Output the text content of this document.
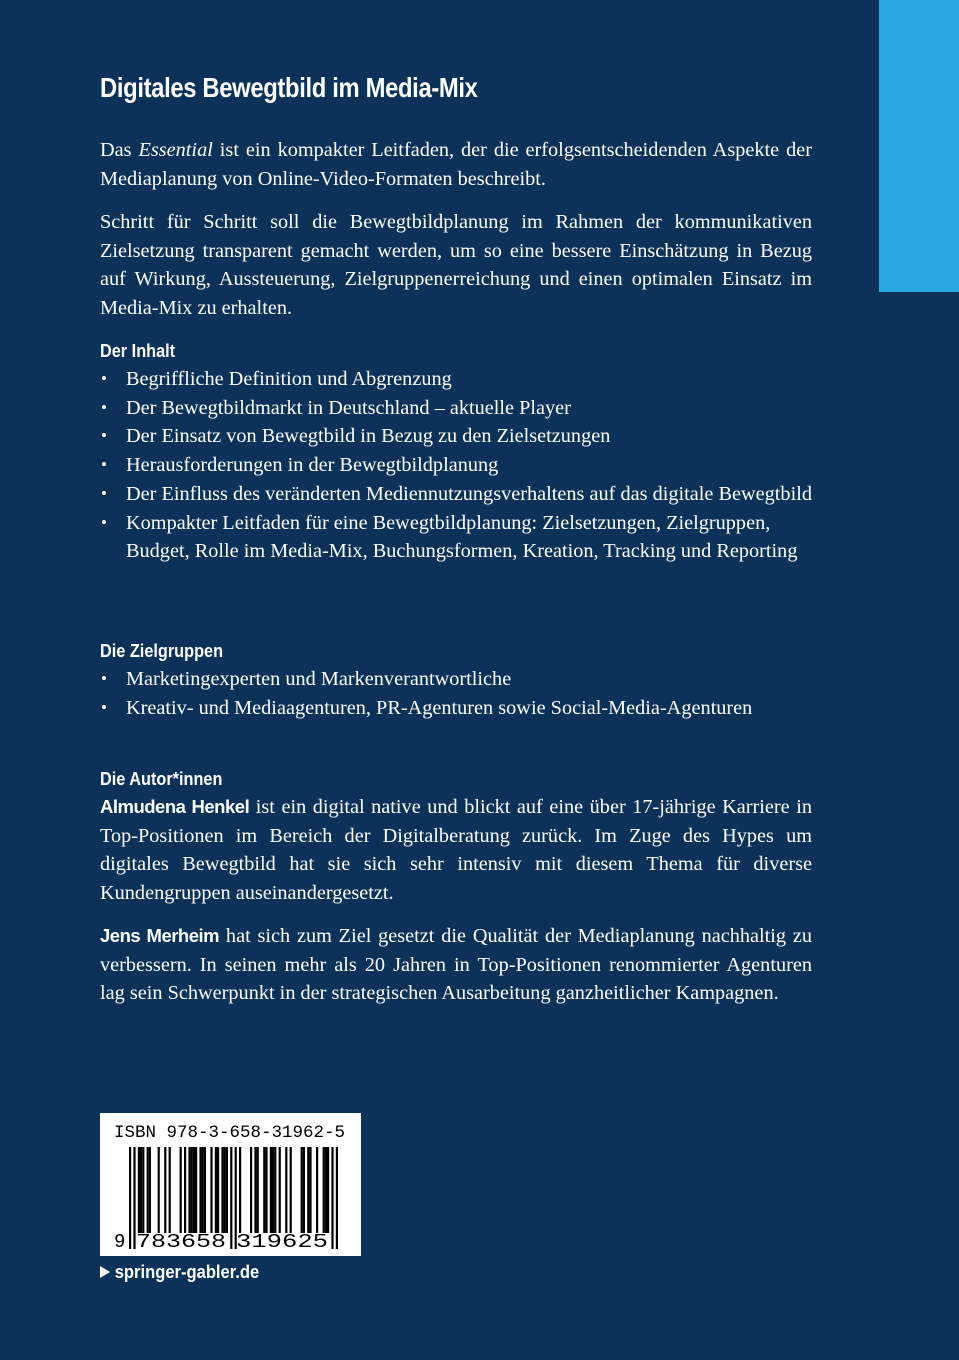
Digitales Bewegtbild im Media-Mix

Das Essential ist ein kompakter Leitfaden, der die erfolgsentscheidenden Aspekte der Mediaplanung von Online-Video-Formaten beschreibt.

Schritt für Schritt soll die Bewegtbildplanung im Rahmen der kommunikativen Zielsetzung transparent gemacht werden, um so eine bessere Einschätzung in Bezug auf Wirkung, Aussteuerung, Zielgruppenerreichung und einen optimalen Einsatz im Media-Mix zu erhalten.

Der Inhalt
• Begriffliche Definition und Abgrenzung
• Der Bewegtbildmarkt in Deutschland – aktuelle Player
• Der Einsatz von Bewegtbild in Bezug zu den Zielsetzungen
• Herausforderungen in der Bewegtbildplanung
• Der Einfluss des veränderten Mediennutzungsverhaltens auf das digitale Bewegtbild
• Kompakter Leitfaden für eine Bewegtbildplanung: Zielsetzungen, Zielgruppen, Budget, Rolle im Media-Mix, Buchungsformen, Kreation, Tracking und Reporting
Die Zielgruppen
• Marketingexperten und Markenverantwortliche
• Kreativ- und Mediaagenturen, PR-Agenturen sowie Social-Media-Agenturen
Die Autor*innen

Almudena Henkel ist ein digital native und blickt auf eine über 17-jährige Karriere in Top-Positionen im Bereich der Digitalberatung zurück. Im Zuge des Hypes um digitales Bewegtbild hat sie sich sehr intensiv mit diesem Thema für diverse Kundengruppen auseinandergesetzt.

Jens Merheim hat sich zum Ziel gesetzt die Qualität der Mediaplanung nachhaltig zu verbessern. In seinen mehr als 20 Jahren in Top-Positionen renommierter Agenturen lag sein Schwerpunkt in der strategischen Ausarbeitung ganzheitlicher Kampagnen.

ISBN 978-3-658-31962-5
9 783658 319625
springer-gabler.de
